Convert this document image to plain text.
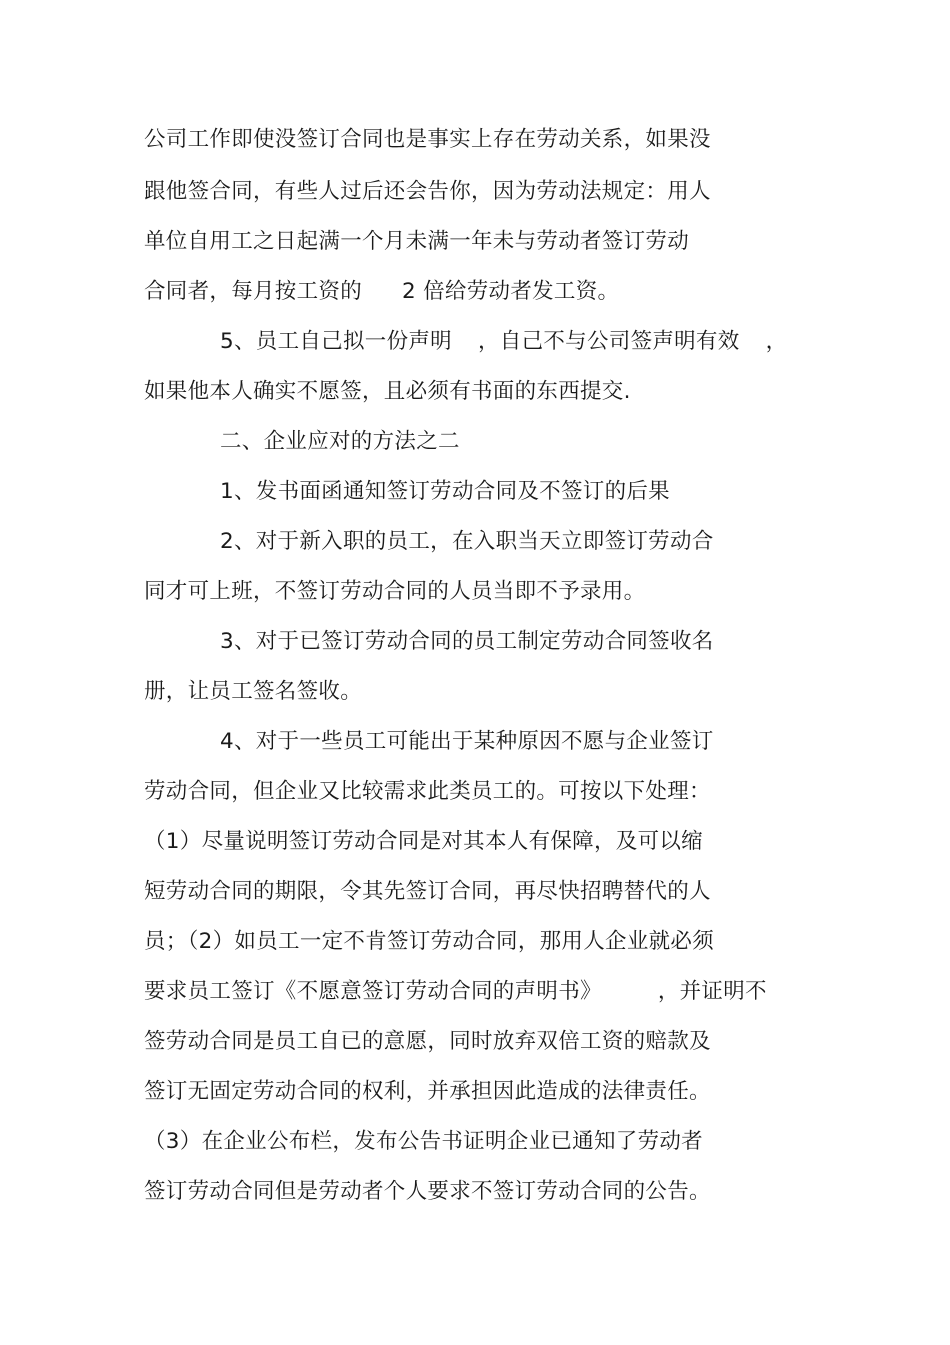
公司工作即使没签订合同也是事实上存在劳动关系，如果没
跟他签合同，有些人过后还会告你，因为劳动法规定：用人
单位自用工之日起满一个月未满一年未与劳动者签订劳动
合同者，每月按工资的 2 倍给劳动者发工资。
5、员工自己拟一份声明 ，自己不与公司签声明有效 ，
如果他本人确实不愿签，且必须有书面的东西提交.
二、企业应对的方法之二
1、发书面函通知签订劳动合同及不签订的后果
2、对于新入职的员工，在入职当天立即签订劳动合
同才可上班，不签订劳动合同的人员当即不予录用。
3、对于已签订劳动合同的员工制定劳动合同签收名
册，让员工签名签收。
4、对于一些员工可能出于某种原因不愿与企业签订
劳动合同，但企业又比较需求此类员工的。可按以下处理：
（1）尽量说明签订劳动合同是对其本人有保障，及可以缩
短劳动合同的期限，令其先签订合同，再尽快招聘替代的人
员；（2）如员工一定不肯签订劳动合同，那用人企业就必须
要求员工签订《不愿意签订劳动合同的声明书》	，并证明不
签劳动合同是员工自已的意愿，同时放弃双倍工资的赔款及
签订无固定劳动合同的权利，并承担因此造成的法律责任。
（3）在企业公布栏，发布公告书证明企业已通知了劳动者
签订劳动合同但是劳动者个人要求不签订劳动合同的公告。
